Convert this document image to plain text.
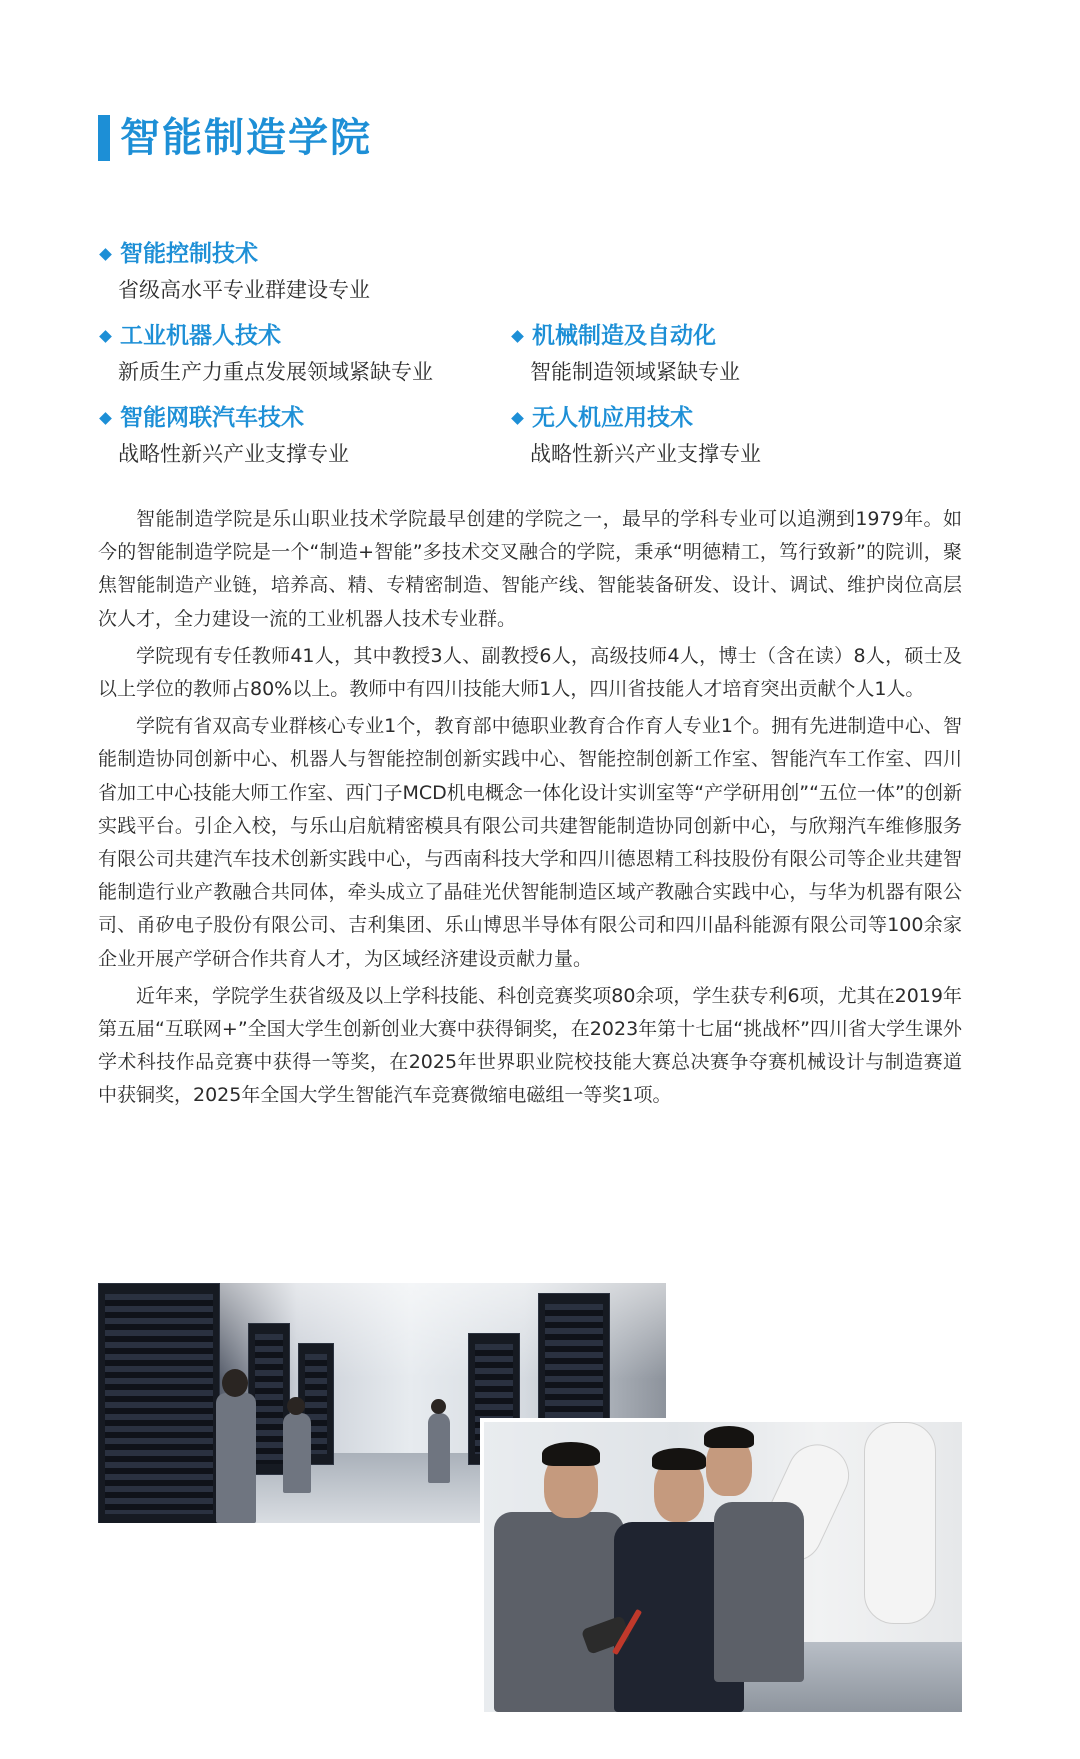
智能制造学院
智能控制技术
省级高水平专业群建设专业
工业机器人技术
新质生产力重点发展领域紧缺专业
机械制造及自动化
智能制造领域紧缺专业
智能网联汽车技术
战略性新兴产业支撑专业
无人机应用技术
战略性新兴产业支撑专业

智能制造学院是乐山职业技术学院最早创建的学院之一，最早的学科专业可以追溯到1979年。如今的智能制造学院是一个“制造+智能”多技术交叉融合的学院，秉承“明德精工，笃行致新”的院训，聚焦智能制造产业链，培养高、精、专精密制造、智能产线、智能装备研发、设计、调试、维护岗位高层次人才，全力建设一流的工业机器人技术专业群。

学院现有专任教师41人，其中教授3人、副教授6人，高级技师4人，博士（含在读）8人，硕士及以上学位的教师占80%以上。教师中有四川技能大师1人，四川省技能人才培育突出贡献个人1人。

学院有省双高专业群核心专业1个，教育部中德职业教育合作育人专业1个。拥有先进制造中心、智能制造协同创新中心、机器人与智能控制创新实践中心、智能控制创新工作室、智能汽车工作室、四川省加工中心技能大师工作室、西门子MCD机电概念一体化设计实训室等“产学研用创”“五位一体”的创新实践平台。引企入校，与乐山启航精密模具有限公司共建智能制造协同创新中心，与欣翔汽车维修服务有限公司共建汽车技术创新实践中心，与西南科技大学和四川德恩精工科技股份有限公司等企业共建智能制造行业产教融合共同体，牵头成立了晶硅光伏智能制造区域产教融合实践中心，与华为机器有限公司、甬矽电子股份有限公司、吉利集团、乐山博思半导体有限公司和四川晶科能源有限公司等100余家企业开展产学研合作共育人才，为区域经济建设贡献力量。

近年来，学院学生获省级及以上学科技能、科创竞赛奖项80余项，学生获专利6项，尤其在2019年第五届“互联网+”全国大学生创新创业大赛中获得铜奖，在2023年第十七届“挑战杯”四川省大学生课外学术科技作品竞赛中获得一等奖，在2025年世界职业院校技能大赛总决赛争夺赛机械设计与制造赛道中获铜奖，2025年全国大学生智能汽车竞赛微缩电磁组一等奖1项。
